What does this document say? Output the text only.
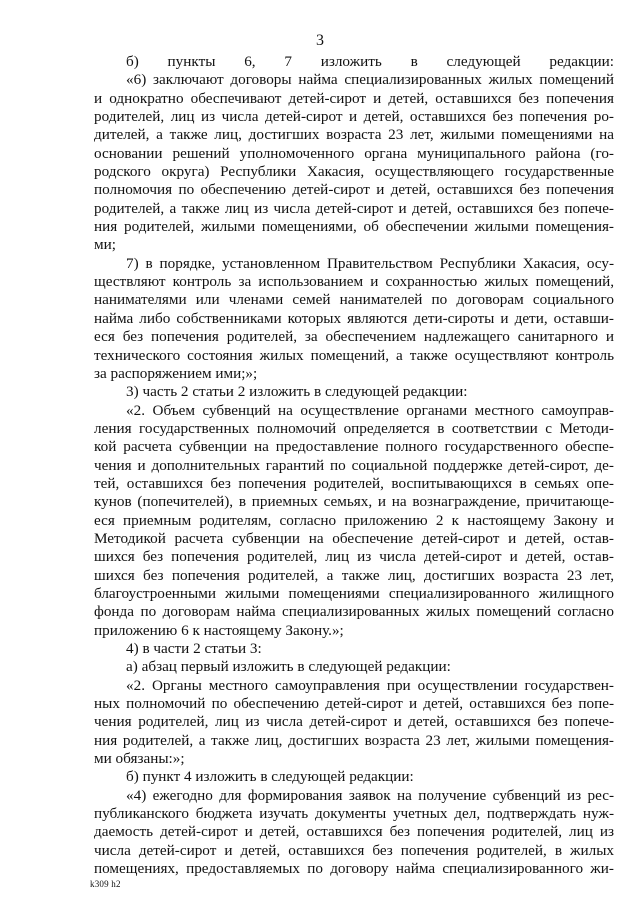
3
б) пункты 6, 7 изложить в следующей редакции:
«6) заключают договоры найма специализированных жилых помещений
и однократно обеспечивают детей-сирот и детей, оставшихся без попечения
родителей, лиц из числа детей-сирот и детей, оставшихся без попечения ро-
дителей, а также лиц, достигших возраста 23 лет, жилыми помещениями на
основании решений уполномоченного органа муниципального района (го-
родского округа) Республики Хакасия, осуществляющего государственные
полномочия по обеспечению детей-сирот и детей, оставшихся без попечения
родителей, а также лиц из числа детей-сирот и детей, оставшихся без попече-
ния родителей, жилыми помещениями, об обеспечении жилыми помещения-
ми;
7) в порядке, установленном Правительством Республики Хакасия, осу-
ществляют контроль за использованием и сохранностью жилых помещений,
нанимателями или членами семей нанимателей по договорам социального
найма либо собственниками которых являются дети-сироты и дети, оставши-
еся без попечения родителей, за обеспечением надлежащего санитарного и
технического состояния жилых помещений, а также осуществляют контроль
за распоряжением ими;»;
3) часть 2 статьи 2 изложить в следующей редакции:
«2. Объем субвенций на осуществление органами местного самоуправ-
ления государственных полномочий определяется в соответствии с Методи-
кой расчета субвенции на предоставление полного государственного обеспе-
чения и дополнительных гарантий по социальной поддержке детей-сирот, де-
тей, оставшихся без попечения родителей, воспитывающихся в семьях опе-
кунов (попечителей), в приемных семьях, и на вознаграждение, причитающе-
еся приемным родителям, согласно приложению 2 к настоящему Закону и
Методикой расчета субвенции на обеспечение детей-сирот и детей, остав-
шихся без попечения родителей, лиц из числа детей-сирот и детей, остав-
шихся без попечения родителей, а также лиц, достигших возраста 23 лет,
благоустроенными жилыми помещениями специализированного жилищного
фонда по договорам найма специализированных жилых помещений согласно
приложению 6 к настоящему Закону.»;
4) в части 2 статьи 3:
а) абзац первый изложить в следующей редакции:
«2. Органы местного самоуправления при осуществлении государствен-
ных полномочий по обеспечению детей-сирот и детей, оставшихся без попе-
чения родителей, лиц из числа детей-сирот и детей, оставшихся без попече-
ния родителей, а также лиц, достигших возраста 23 лет, жилыми помещения-
ми обязаны:»;
б) пункт 4 изложить в следующей редакции:
«4) ежегодно для формирования заявок на получение субвенций из рес-
публиканского бюджета изучать документы учетных дел, подтверждать нуж-
даемость детей-сирот и детей, оставшихся без попечения родителей, лиц из
числа детей-сирот и детей, оставшихся без попечения родителей, в жилых
помещениях, предоставляемых по договору найма специализированного жи-
k309 h2
